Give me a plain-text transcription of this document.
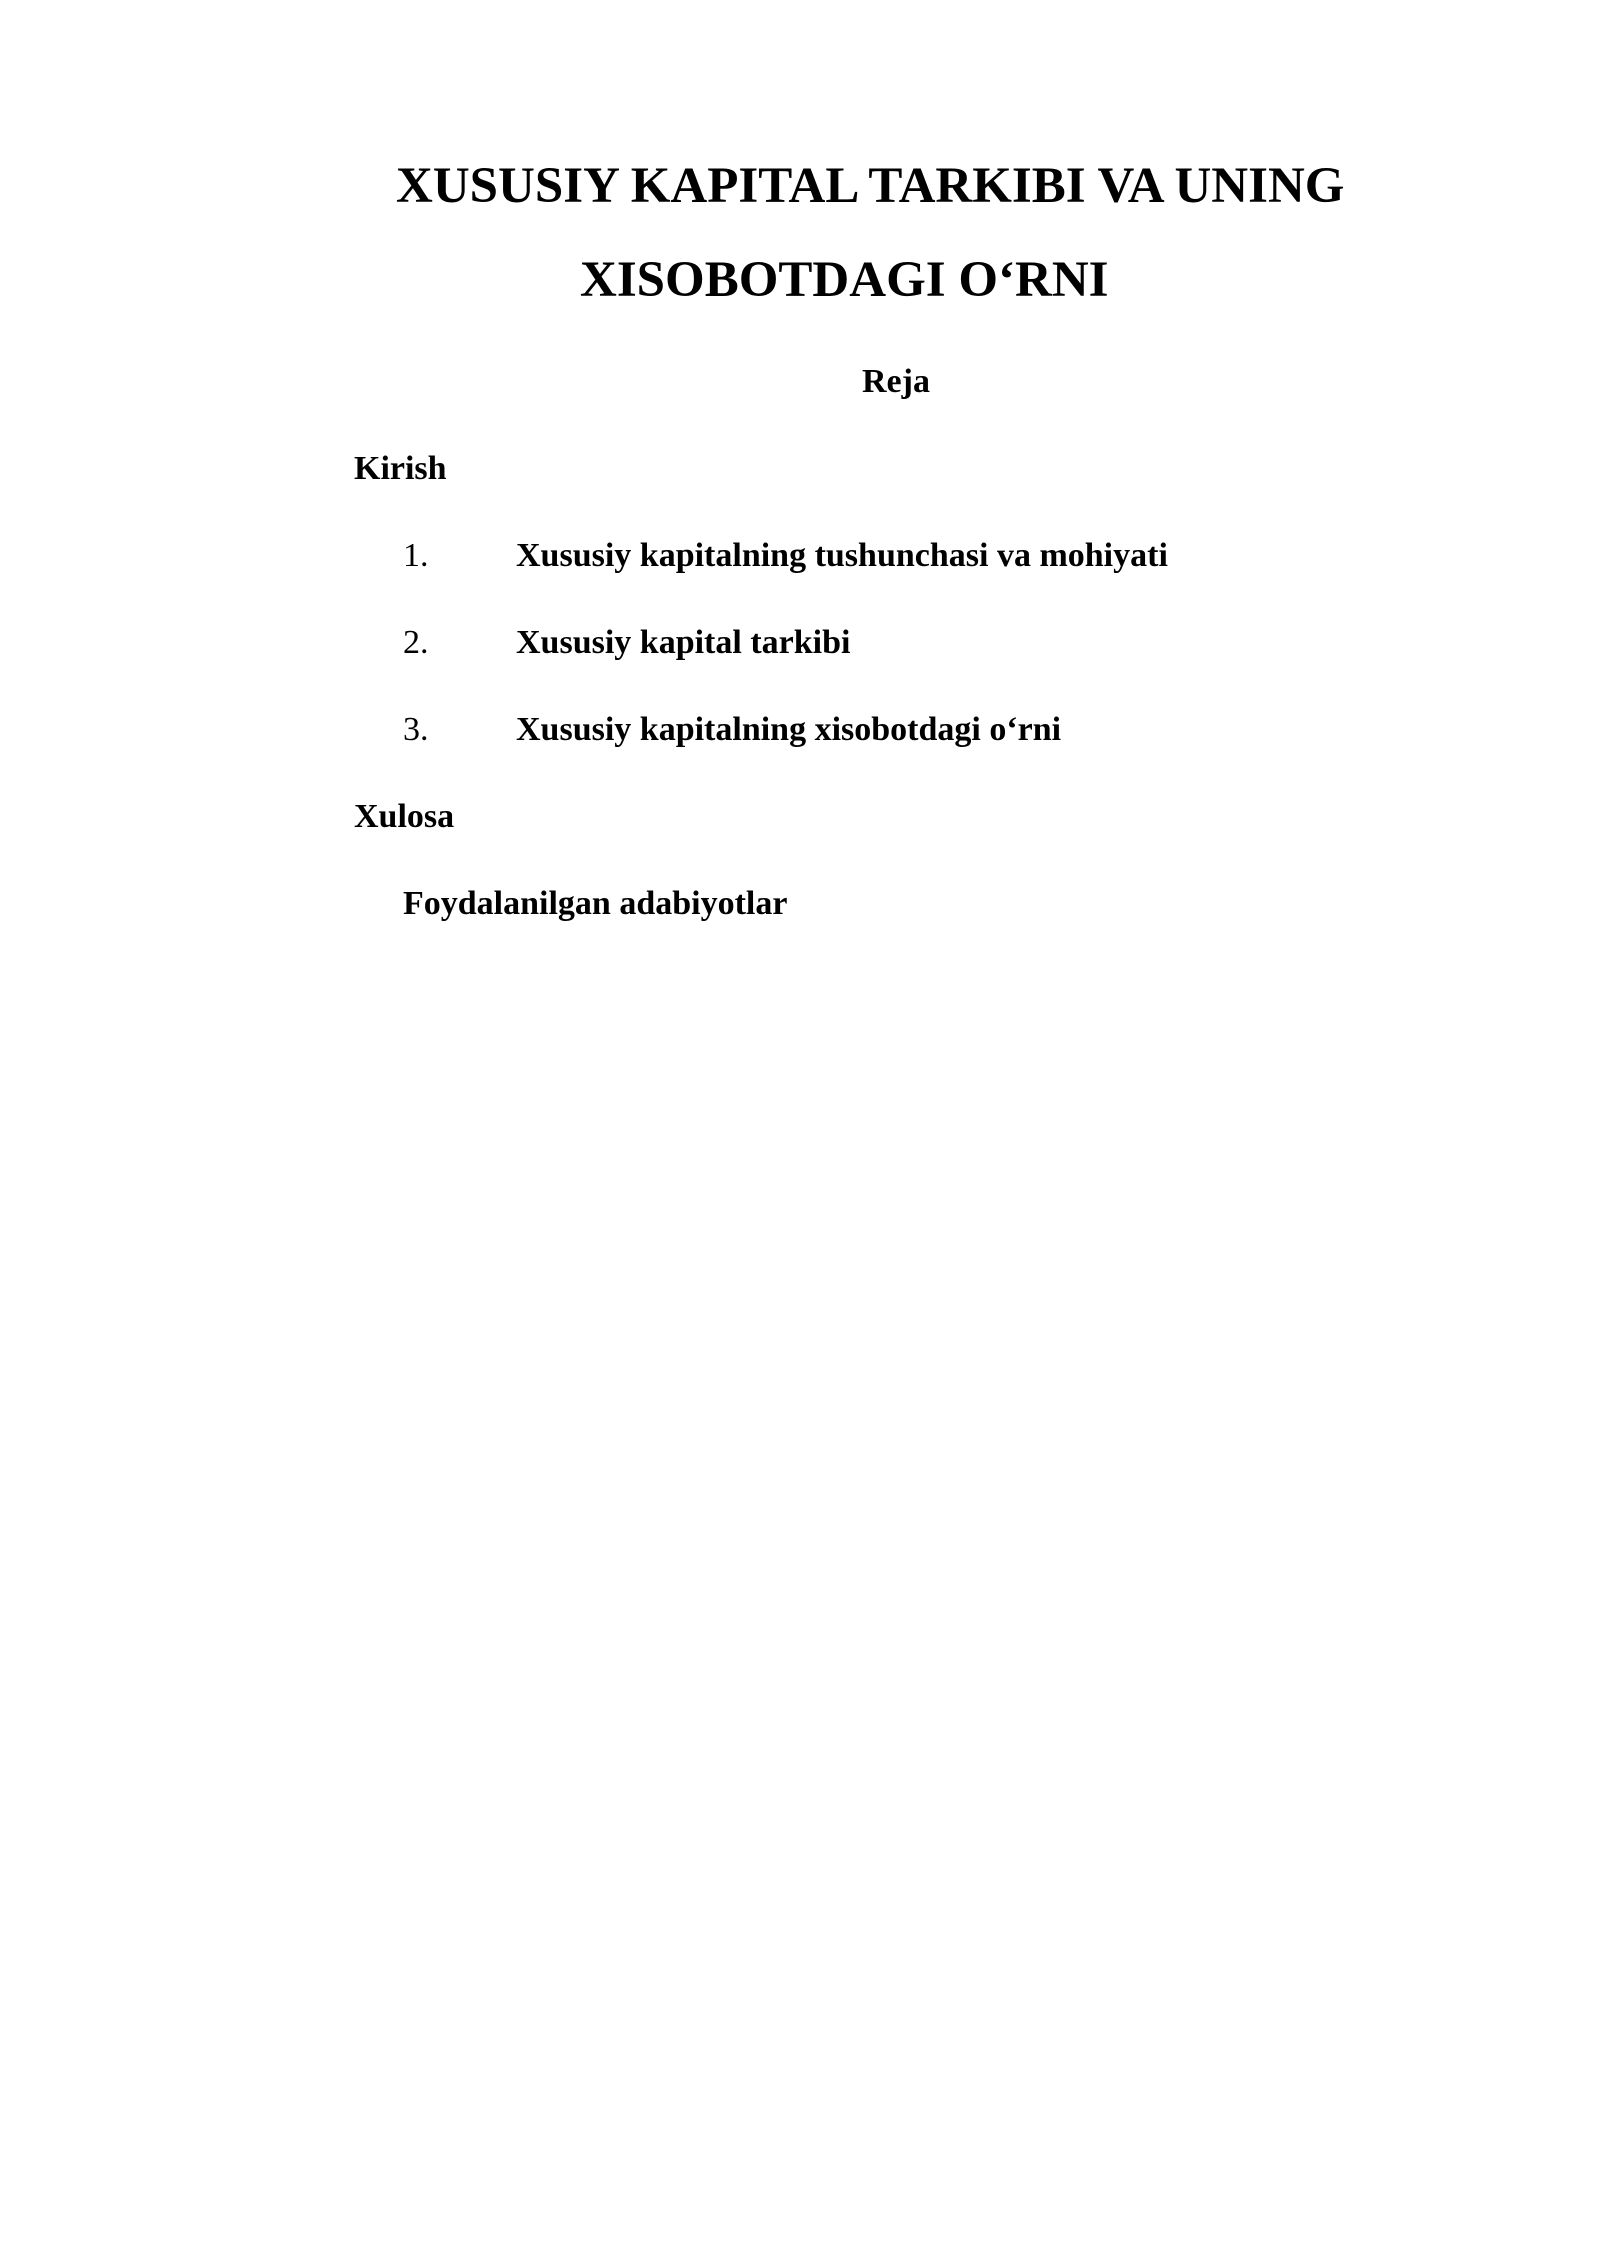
XUSUSIY KAPITAL TARKIBI VA UNING
XISOBOTDAGI O‘RNI
Reja
Kirish
1.	Xususiy kapitalning tushunchasi va mohiyati
2.	Xususiy kapital tarkibi
3.	Xususiy kapitalning xisobotdagi o‘rni
Xulosa
Foydalanilgan adabiyotlar
